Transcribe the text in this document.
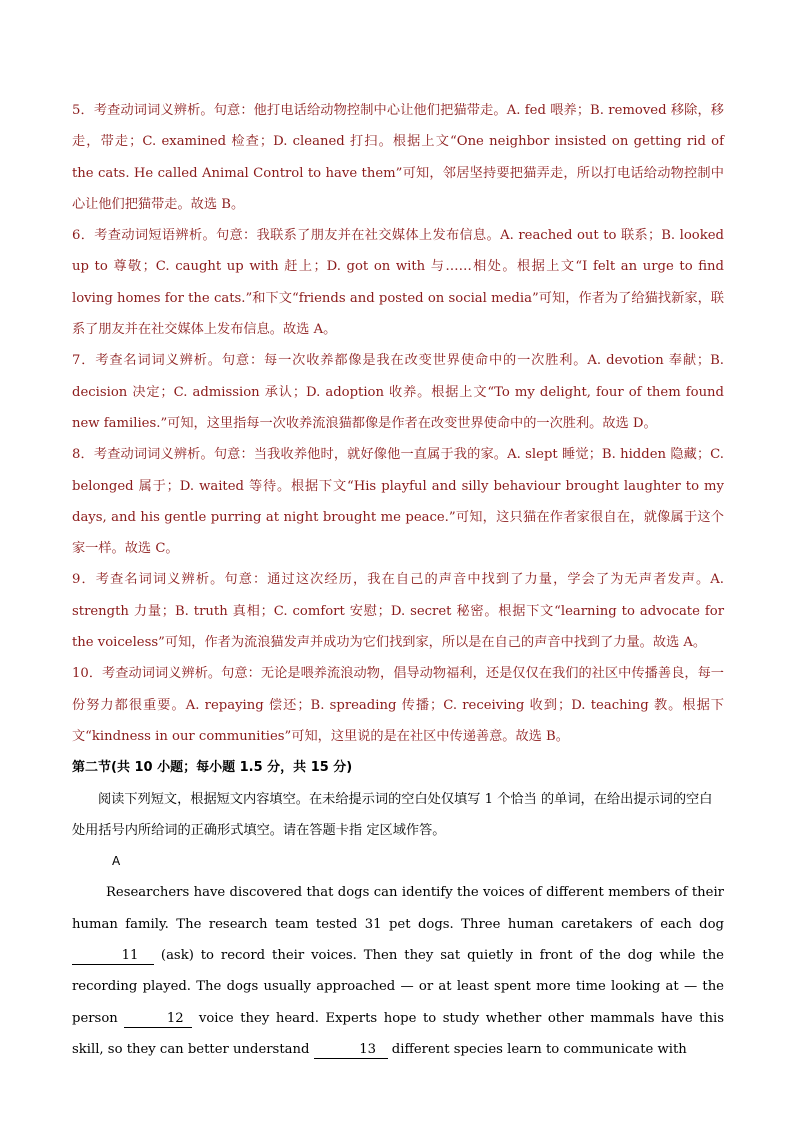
5．考查动词词义辨析。句意：他打电话给动物控制中心让他们把猫带走。A. fed 喂养；B. removed 移除，移走，带走；C. examined 检查；D. cleaned 打扫。根据上文“One neighbor insisted on getting rid of the cats. He called Animal Control to have them”可知，邻居坚持要把猫弄走，所以打电话给动物控制中心让他们把猫带走。故选 B。

6．考查动词短语辨析。句意：我联系了朋友并在社交媒体上发布信息。A. reached out to 联系；B. looked up to 尊敬；C. caught up with 赶上；D. got on with 与……相处。根据上文“I felt an urge to find loving homes for the cats.”和下文“friends and posted on social media”可知，作者为了给猫找新家，联系了朋友并在社交媒体上发布信息。故选 A。

7．考查名词词义辨析。句意：每一次收养都像是我在改变世界使命中的一次胜利。A. devotion 奉献；B. decision 决定；C. admission 承认；D. adoption 收养。根据上文“To my delight, four of them found new families.”可知，这里指每一次收养流浪猫都像是作者在改变世界使命中的一次胜利。故选 D。

8．考查动词词义辨析。句意：当我收养他时，就好像他一直属于我的家。A. slept 睡觉；B. hidden 隐藏；C. belonged 属于；D. waited 等待。根据下文“His playful and silly behaviour brought laughter to my days, and his gentle purring at night brought me peace.”可知，这只猫在作者家很自在，就像属于这个家一样。故选 C。

9．考查名词词义辨析。句意：通过这次经历，我在自己的声音中找到了力量，学会了为无声者发声。A. strength 力量；B. truth 真相；C. comfort 安慰；D. secret 秘密。根据下文“learning to advocate for the voiceless”可知，作者为流浪猫发声并成功为它们找到家，所以是在自己的声音中找到了力量。故选 A。

10．考查动词词义辨析。句意：无论是喂养流浪动物，倡导动物福利，还是仅仅在我们的社区中传播善良，每一份努力都很重要。A. repaying 偿还；B. spreading 传播；C. receiving 收到；D. teaching 教。根据下文“kindness in our communities”可知，这里说的是在社区中传递善意。故选 B。

第二节(共 10 小题；每小题 1.5 分，共 15 分)

阅读下列短文，根据短文内容填空。在未给提示词的空白处仅填写 1 个恰当 的单词，在给出提示词的空白处用括号内所给词的正确形式填空。请在答题卡指 定区域作答。

A

Researchers have discovered that dogs can identify the voices of different members of their human family. The research team tested 31 pet dogs. Three human caretakers of each dog 11 (ask) to record their voices. Then they sat quietly in front of the dog while the recording played. The dogs usually approached — or at least spent more time looking at — the person	12 voice they heard. Experts hope to study whether other mammals have this skill, so they can better understand	13 different species learn to communicate with
